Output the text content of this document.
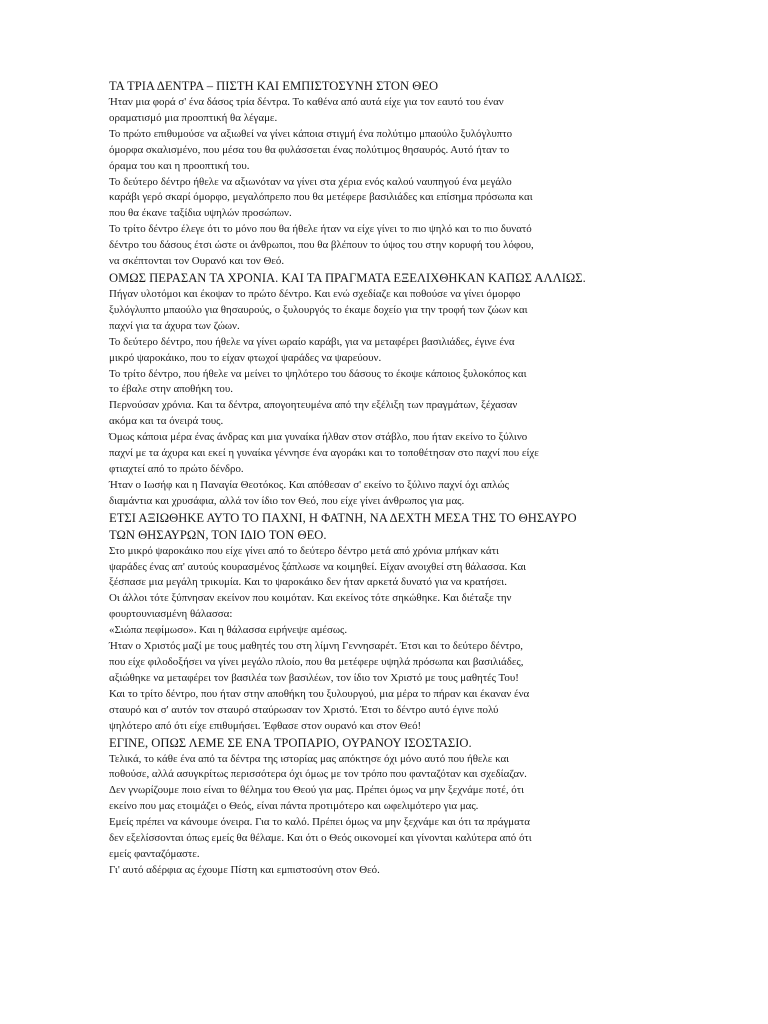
ΤΑ ΤΡΙΑ ΔΕΝΤΡΑ – ΠΙΣΤΗ ΚΑΙ ΕΜΠΙΣΤΟΣΥΝΗ ΣΤΟΝ ΘΕΟ
Ήταν μια φορά σ' ένα δάσος τρία δέντρα. Το καθένα από αυτά είχε για τον εαυτό του έναν
οραματισμό μια προοπτική θα λέγαμε.
Το πρώτο επιθυμούσε να αξιωθεί να γίνει κάποια στιγμή ένα πολύτιμο μπαούλο ξυλόγλυπτο
όμορφα σκαλισμένο, που μέσα του θα φυλάσσεται ένας πολύτιμος θησαυρός. Αυτό ήταν το
όραμα του και η προοπτική του.
Το δεύτερο δέντρο ήθελε να αξιωνόταν να γίνει στα χέρια ενός καλού ναυπηγού ένα μεγάλο
καράβι γερό σκαρί όμορφο, μεγαλόπρεπο που θα μετέφερε βασιλιάδες και επίσημα πρόσωπα και
που θα έκανε ταξίδια υψηλών προσώπων.
Το τρίτο δέντρο έλεγε ότι το μόνο που θα ήθελε ήταν να είχε γίνει το πιο ψηλό και το πιο δυνατό
δέντρο του δάσους έτσι ώστε οι άνθρωποι, που θα βλέπουν το ύψος του στην κορυφή του λόφου,
να σκέπτονται τον Ουρανό και τον Θεό.
ΟΜΩΣ ΠΕΡΑΣΑΝ ΤΑ ΧΡΟΝΙΑ. ΚΑΙ ΤΑ ΠΡΑΓΜΑΤΑ ΕΞΕΛΙΧΘΗΚΑΝ ΚΑΠΩΣ ΑΛΛΙΩΣ.
Πήγαν υλοτόμοι και έκοψαν το πρώτο δέντρο. Και ενώ σχεδίαζε και ποθούσε να γίνει όμορφο
ξυλόγλυπτο μπαούλο για θησαυρούς, ο ξυλουργός το έκαμε δοχείο για την τροφή των ζώων και
παχνί για τα άχυρα των ζώων.
Το δεύτερο δέντρο, που ήθελε να γίνει ωραίο καράβι, για να μεταφέρει βασιλιάδες, έγινε ένα
μικρό ψαροκάικο, που το είχαν φτωχοί ψαράδες να ψαρεύουν.
Το τρίτο δέντρο, που ήθελε να μείνει το ψηλότερο του δάσους το έκοψε κάποιος ξυλοκόπος και
το έβαλε στην αποθήκη του.
Περνούσαν χρόνια. Και τα δέντρα, απογοητευμένα από την εξέλιξη των πραγμάτων, ξέχασαν
ακόμα και τα όνειρά τους.
Όμως κάποια μέρα ένας άνδρας και μια γυναίκα ήλθαν στον στάβλο, που ήταν εκείνο το ξύλινο
παχνί με τα άχυρα και εκεί η γυναίκα γέννησε ένα αγοράκι και το τοποθέτησαν στο παχνί που είχε
φτιαχτεί από το πρώτο δένδρο.
Ήταν ο Ιωσήφ και η Παναγία Θεοτόκος. Και απόθεσαν σ' εκείνο το ξύλινο παχνί όχι απλώς
διαμάντια και χρυσάφια, αλλά τον ίδιο τον Θεό, που είχε γίνει άνθρωπος για μας.
ΕΤΣΙ ΑΞΙΩΘΗΚΕ ΑΥΤΟ ΤΟ ΠΑΧΝΙ, Η ΦΑΤΝΗ, ΝΑ ΔΕΧΤΗ ΜΕΣΑ ΤΗΣ ΤΟ ΘΗΣΑΥΡΟ
ΤΩΝ ΘΗΣΑΥΡΩΝ, ΤΟΝ ΙΔΙΟ ΤΟΝ ΘΕΟ.
Στο μικρό ψαροκάικο που είχε γίνει από το δεύτερο δέντρο μετά από χρόνια μπήκαν κάτι
ψαράδες ένας απ' αυτούς κουρασμένος ξάπλωσε να κοιμηθεί. Είχαν ανοιχθεί στη θάλασσα. Και
ξέσπασε μια μεγάλη τρικυμία. Και το ψαροκάικο δεν ήταν αρκετά δυνατό για να κρατήσει.
Οι άλλοι τότε ξύπνησαν εκείνον που κοιμόταν. Και εκείνος τότε σηκώθηκε. Και διέταξε την
φουρτουνιασμένη θάλασσα:
«Σιώπα πεφίμωσο». Και η θάλασσα ειρήνεψε αμέσως.
Ήταν ο Χριστός μαζί με τους μαθητές του στη λίμνη Γεννησαρέτ. Έτσι και το δεύτερο δέντρο,
που είχε φιλοδοξήσει να γίνει μεγάλο πλοίο, που θα μετέφερε υψηλά πρόσωπα και βασιλιάδες,
αξιώθηκε να μεταφέρει τον βασιλέα των βασιλέων, τον ίδιο τον Χριστό με τους μαθητές Του!
Και το τρίτο δέντρο, που ήταν στην αποθήκη του ξυλουργού, μια μέρα το πήραν και έκαναν ένα
σταυρό και σ' αυτόν τον σταυρό σταύρωσαν τον Χριστό. Έτσι το δέντρο αυτό έγινε πολύ
ψηλότερο από ότι είχε επιθυμήσει. Έφθασε στον ουρανό και στον Θεό!
ΕΓΙΝΕ, ΟΠΩΣ ΛΕΜΕ ΣΕ ΕΝΑ ΤΡΟΠΑΡΙΟ, ΟΥΡΑΝΟΥ ΙΣΟΣΤΑΣΙΟ.
Τελικά, το κάθε ένα από τα δέντρα της ιστορίας μας απόκτησε όχι μόνο αυτό που ήθελε και
ποθούσε, αλλά ασυγκρίτως περισσότερα όχι όμως με τον τρόπο που φανταζόταν και σχεδίαζαν.
Δεν γνωρίζουμε ποιο είναι το θέλημα του Θεού για μας. Πρέπει όμως να μην ξεχνάμε ποτέ, ότι
εκείνο που μας ετοιμάζει ο Θεός, είναι πάντα προτιμότερο και ωφελιμότερο για μας.
Εμείς πρέπει να κάνουμε όνειρα. Για το καλό. Πρέπει όμως να μην ξεχνάμε και ότι τα πράγματα
δεν εξελίσσονται όπως εμείς θα θέλαμε. Και ότι ο Θεός οικονομεί και γίνονται καλύτερα από ότι
εμείς φανταζόμαστε.
Γι' αυτό αδέρφια ας έχουμε Πίστη και εμπιστοσύνη στον Θεό.
